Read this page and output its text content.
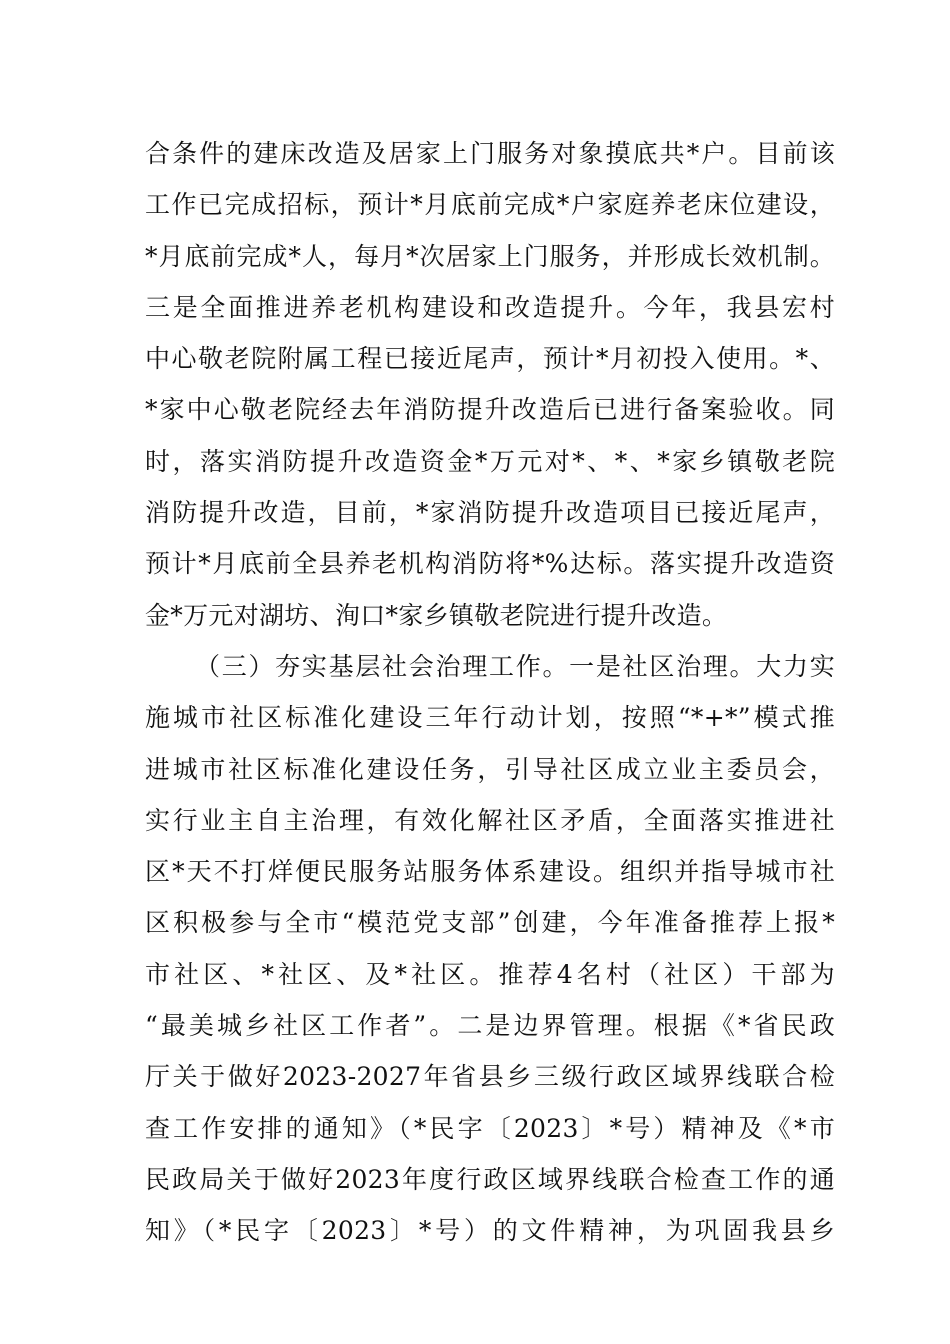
合条件的建床改造及居家上门服务对象摸底共*户。目前该
工作已完成招标，预计*月底前完成*户家庭养老床位建设，
*月底前完成*人，每月*次居家上门服务，并形成长效机制。
三是全面推进养老机构建设和改造提升。今年，我县宏村
中心敬老院附属工程已接近尾声，预计*月初投入使用。*、
*家中心敬老院经去年消防提升改造后已进行备案验收。同
时，落实消防提升改造资金*万元对*、*、*家乡镇敬老院
消防提升改造，目前，*家消防提升改造项目已接近尾声，
预计*月底前全县养老机构消防将*%达标。落实提升改造资
金*万元对湖坊、洵口*家乡镇敬老院进行提升改造。
（三）夯实基层社会治理工作。一是社区治理。大力实
施城市社区标准化建设三年行动计划，按照“*+*”模式推
进城市社区标准化建设任务，引导社区成立业主委员会，
实行业主自主治理，有效化解社区矛盾，全面落实推进社
区*天不打烊便民服务站服务体系建设。组织并指导城市社
区积极参与全市“模范党支部”创建，今年准备推荐上报*
市社区、*社区、及*社区。推荐4名村（社区）干部为
“最美城乡社区工作者”。二是边界管理。根据《*省民政
厅关于做好2023-2027年省县乡三级行政区域界线联合检
查工作安排的通知》（*民字〔2023〕*号）精神及《*市
民政局关于做好2023年度行政区域界线联合检查工作的通
知》（*民字〔2023〕*号）的文件精神，为巩固我县乡
